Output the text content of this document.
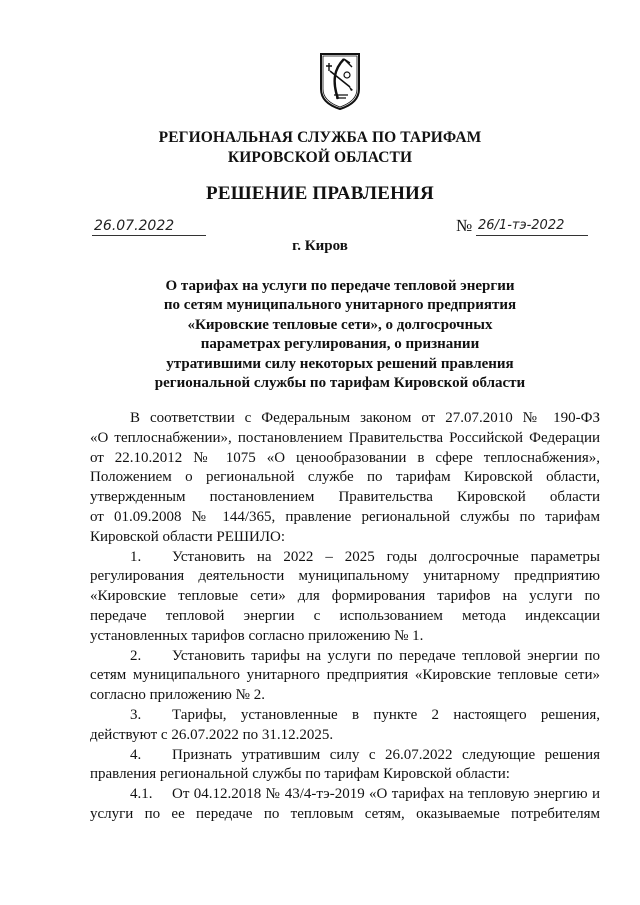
РЕГИОНАЛЬНАЯ СЛУЖБА ПО ТАРИФАМ
КИРОВСКОЙ ОБЛАСТИ
РЕШЕНИЕ ПРАВЛЕНИЯ
26.07.2022	№ 26/1-тэ-2022
г. Киров
О тарифах на услуги по передаче тепловой энергии
по сетям муниципального унитарного предприятия
«Кировские тепловые сети», о долгосрочных
параметрах регулирования, о признании
утратившими силу некоторых решений правления
региональной службы по тарифам Кировской области
В соответствии с Федеральным законом от 27.07.2010 № 190-ФЗ
«О теплоснабжении», постановлением Правительства Российской Федерации
от 22.10.2012 № 1075 «О ценообразовании в сфере теплоснабжения»,
Положением о региональной службе по тарифам Кировской области,
утвержденным постановлением Правительства Кировской области
от 01.09.2008 № 144/365, правление региональной службы по тарифам
Кировской области РЕШИЛО:
1. Установить на 2022 – 2025 годы долгосрочные параметры
регулирования деятельности муниципальному унитарному предприятию
«Кировские тепловые сети» для формирования тарифов на услуги по
передаче тепловой энергии с использованием метода индексации
установленных тарифов согласно приложению № 1.
2. Установить тарифы на услуги по передаче тепловой энергии по
сетям муниципального унитарного предприятия «Кировские тепловые сети»
согласно приложению № 2.
3. Тарифы, установленные в пункте 2 настоящего решения,
действуют с 26.07.2022 по 31.12.2025.
4. Признать утратившим силу с 26.07.2022 следующие решения
правления региональной службы по тарифам Кировской области:
4.1. От 04.12.2018 № 43/4-тэ-2019 «О тарифах на тепловую энергию и
услуги по ее передаче по тепловым сетям, оказываемые потребителям
